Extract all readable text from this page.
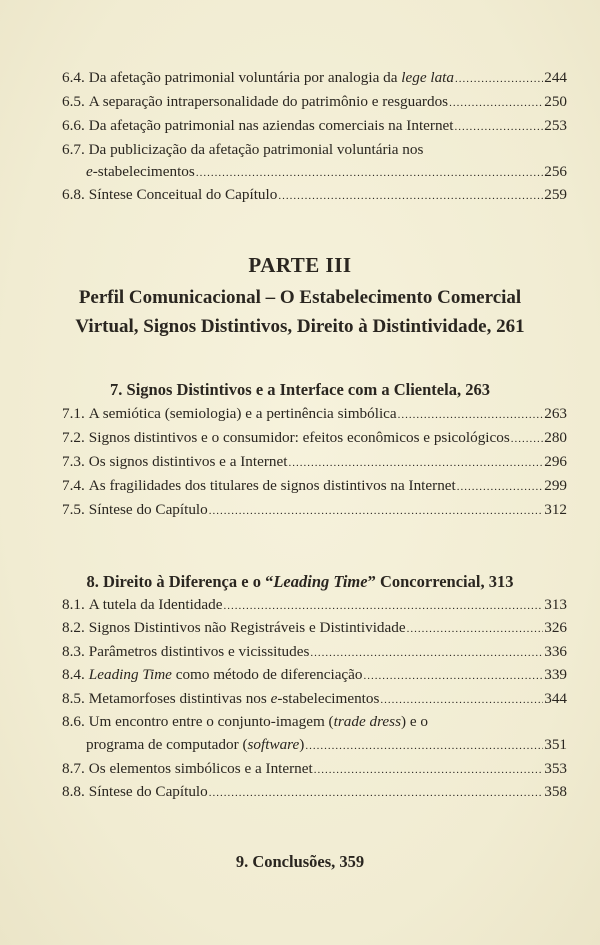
6.4. Da afetação patrimonial voluntária por analogia da lege lata .....	244
6.5. A separação intrapersonalidade do patrimônio e resguardos .....	250
6.6. Da afetação patrimonial nas aziendas comerciais na Internet .....	253
6.7. Da publicização da afetação patrimonial voluntária nos
e-stabelecimentos .....	256
6.8. Síntese Conceitual do Capítulo .....	259
PARTE III
Perfil Comunicacional – O Estabelecimento Comercial
Virtual, Signos Distintivos, Direito à Distintividade, 261
7. Signos Distintivos e a Interface com a Clientela, 263
7.1. A semiótica (semiologia) e a pertinência simbólica .....	263
7.2. Signos distintivos e o consumidor: efeitos econômicos e psicológicos ..... 280
7.3. Os signos distintivos e a Internet .....	296
7.4. As fragilidades dos titulares de signos distintivos na Internet .....	299
7.5. Síntese do Capítulo .....	312
8. Direito à Diferença e o “Leading Time” Concorrencial, 313
8.1. A tutela da Identidade .....	313
8.2. Signos Distintivos não Registráveis e Distintividade .....	326
8.3. Parâmetros distintivos e vicissitudes .....	336
8.4. Leading Time como método de diferenciação .....	339
8.5. Metamorfoses distintivas nos e-stabelecimentos .....	344
8.6. Um encontro entre o conjunto-imagem (trade dress) e o
programa de computador (software) .....	351
8.7. Os elementos simbólicos e a Internet .....	353
8.8. Síntese do Capítulo .....	358
9. Conclusões, 359
